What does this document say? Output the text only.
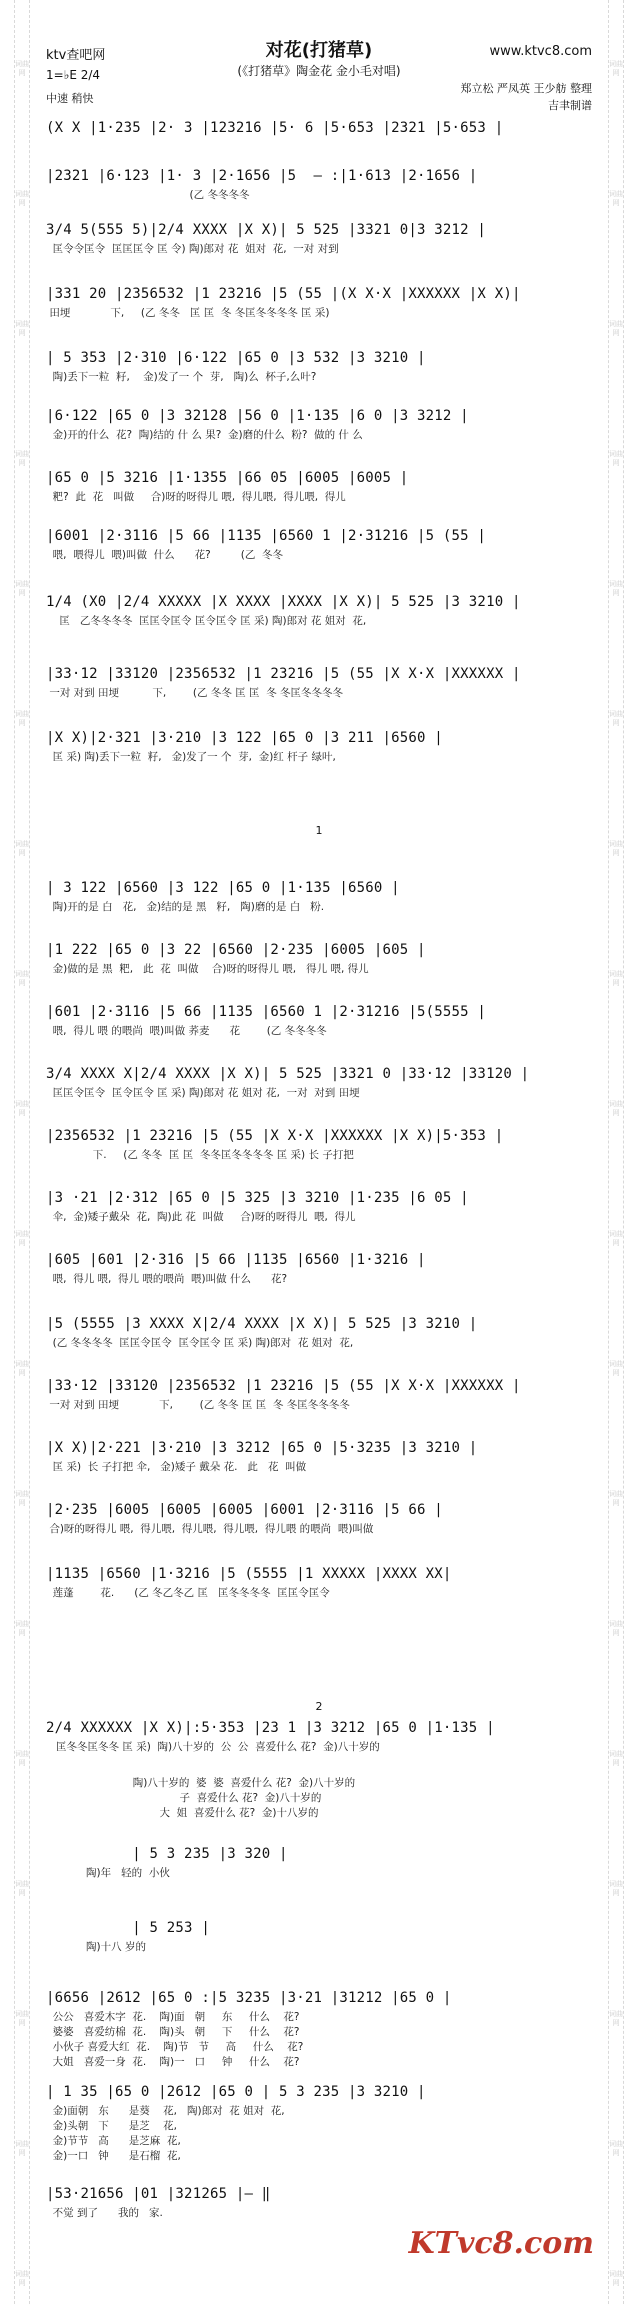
词曲网
词曲网
词曲网
词曲网
词曲网
词曲网
词曲网
词曲网
词曲网
词曲网
词曲网
词曲网
词曲网
词曲网
词曲网
词曲网
词曲网
词曲网
词曲网
词曲网
词曲网
词曲网
词曲网
词曲网
词曲网
词曲网
词曲网
词曲网
词曲网
词曲网
词曲网
词曲网
词曲网
词曲网
词曲网
词曲网
ktv查吧网	对花(打猪草)	www.ktvc8.com
(《打猪草》陶金花 金小毛对唱)
1=♭E 2/4
中速 稍快
郑立松 严凤英 王少舫 整理
吉聿制谱
(X X |1·235 |2· 3 |123216 |5· 6 |5·653 |2321 |5·653 |
|2321 |6·123 |1· 3 |2·1656 |5  — :|1·613 |2·1656 |
(乙 冬冬冬冬
3/4 5(555 5)|2/4 XXXX |X X)| 5 525 |3321 0|3 3212 |
匡令令匡令  匡匡匡令 匡 令) 陶)郎对 花  姐对  花,  一对 对到
|331 20 |2356532 |1 23216 |5 (55 |(X X·X |XXXXXX |X X)|
田埂            下,     (乙 冬冬   匡 匡  冬 冬匡冬冬冬冬 匡 采)
| 5 353 |2·310 |6·122 |65 0 |3 532 |3 3210 |
陶)丢下一粒  籽,    金)发了一 个  芽,   陶)么  杯子,么叶?
|6·122 |65 0 |3 32128 |56 0 |1·135 |6 0 |3 3212 |
金)开的什么  花?  陶)结的 什 么 果?  金)磨的什么  粉?  做的 什 么
|65 0 |5 3216 |1·1355 |66 05 |6005 |6005 |
粑?  此  花   叫做     合)呀的呀得儿 喂,  得儿喂,  得儿喂,  得儿
|6001 |2·3116 |5 66 |1135 |6560 1 |2·31216 |5 (55 |
喂,  喂得儿  喂)叫做  什么      花?         (乙  冬冬
1/4 (X0 |2/4 XXXXX |X XXXX |XXXX |X X)| 5 525 |3 3210 |
匡   乙冬冬冬冬  匡匡令匡令 匡令匡令 匡 采) 陶)郎对 花 姐对  花,
|33·12 |33120 |2356532 |1 23216 |5 (55 |X X·X |XXXXXX |
一对 对到 田埂          下,        (乙 冬冬 匡 匡  冬 冬匡冬冬冬冬
|X X)|2·321 |3·210 |3 122 |65 0 |3 211 |6560 |
匡 采) 陶)丢下一粒  籽,   金)发了一 个  芽,  金)红 杆子 绿叶,
| 3 122 |6560 |3 122 |65 0 |1·135 |6560 |
陶)开的是 白   花,   金)结的是 黑   籽,   陶)磨的是 白   粉.
|1 222 |65 0 |3 22 |6560 |2·235 |6005 |605 |
金)做的是 黑  粑,   此  花  叫做    合)呀的呀得儿 喂,   得儿 喂, 得儿
|601 |2·3116 |5 66 |1135 |6560 1 |2·31216 |5(5555 |
喂,  得儿 喂 的喂尚  喂)叫做 荞麦      花        (乙 冬冬冬冬
3/4 XXXX X|2/4 XXXX |X X)| 5 525 |3321 0 |33·12 |33120 |
匡匡令匡令  匡令匡令 匡 采) 陶)郎对 花 姐对 花,  一对  对到 田埂
|2356532 |1 23216 |5 (55 |X X·X |XXXXXX |X X)|5·353 |
下.     (乙 冬冬  匡 匡  冬冬匡冬冬冬冬 匡 采) 长 子打把
|3 ·21 |2·312 |65 0 |5 325 |3 3210 |1·235 |6 05 |
伞,  金)矮子戴朵  花,  陶)此 花  叫做     合)呀的呀得儿  喂,  得儿
|605 |601 |2·316 |5 66 |1135 |6560 |1·3216 |
喂,  得儿 喂,  得儿 喂的喂尚  喂)叫做 什么      花?
|5 (5555 |3 XXXX X|2/4 XXXX |X X)| 5 525 |3 3210 |
(乙 冬冬冬冬  匡匡令匡令  匡令匡令 匡 采) 陶)郎对  花 姐对  花,
|33·12 |33120 |2356532 |1 23216 |5 (55 |X X·X |XXXXXX |
一对 对到 田埂            下,        (乙 冬冬 匡 匡  冬 冬匡冬冬冬冬
|X X)|2·221 |3·210 |3 3212 |65 0 |5·3235 |3 3210 |
匡 采)  长 子打把 伞,   金)矮子 戴朵 花.   此   花  叫做
|2·235 |6005 |6005 |6005 |6001 |2·3116 |5 66 |
合)呀的呀得儿 喂,  得儿喂,  得儿喂,  得儿喂,  得儿喂 的喂尚  喂)叫做
|1135 |6560 |1·3216 |5 (5555 |1 XXXXX |XXXX XX|
莲蓬        花.      (乙 冬乙冬乙 匡   匡冬冬冬冬  匡匡令匡令
2/4 XXXXXX |X X)|:5·353 |23 1 |3 3212 |65 0 |1·135 |
匡冬冬匡冬冬 匡 采)  陶)八十岁的  公  公  喜爱什么 花?  金)八十岁的
陶)八十岁的  婆  婆  喜爱什么 花?  金)八十岁的
子  喜爱什么 花?  金)八十岁的
大  姐  喜爱什么 花?  金)十八岁的
| 5 3 235 |3 320 |
陶)年   轻的  小伙
| 5 253 |
陶)十八 岁的
|6656 |2612 |65 0 :|5 3235 |3·21 |31212 |65 0 |
公公   喜爱木字  花.    陶)面   朝     东     什么    花?
婆婆   喜爱纺棉  花.    陶)头   朝     下     什么    花?
小伙子 喜爱大红  花.    陶)节   节     高     什么    花?
大姐   喜爱一身  花.    陶)一   口     钟     什么    花?
| 1 35 |65 0 |2612 |65 0 | 5 3 235 |3 3210 |
金)面朝   东      是葵    花,   陶)郎对  花 姐对  花,
金)头朝   下      是芝    花,
金)节节   高      是芝麻  花,
金)一口   钟      是石榴  花,
|53·21656 |01 |321265 |— ‖
不觉 到了      我的   家.
1
2
KTvc8.com
